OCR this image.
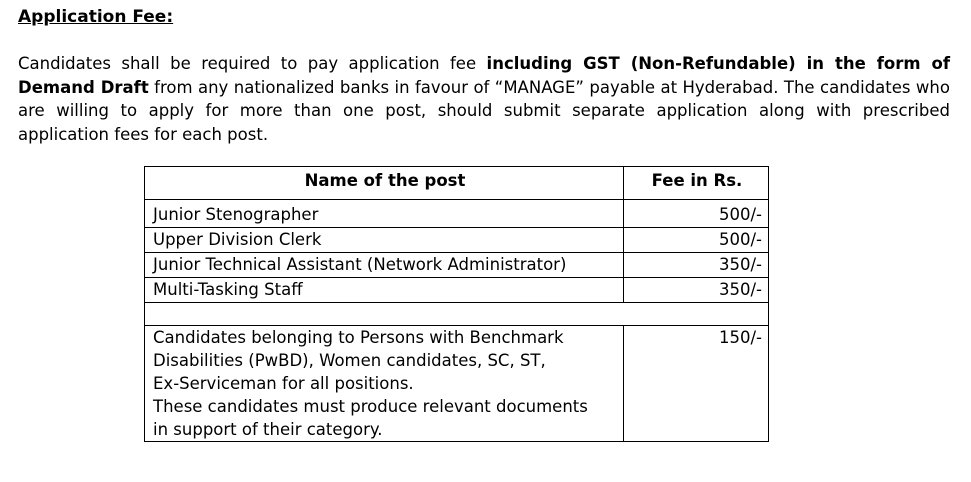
Application Fee:

Candidates shall be required to pay application fee including GST (Non-Refundable) in the form of Demand Draft from any nationalized banks in favour of “MANAGE” payable at Hyderabad. The candidates who are willing to apply for more than one post, should submit separate application along with prescribed application fees for each post.

Name of the post	Fee in Rs.
Junior Stenographer	500/-
Upper Division Clerk	500/-
Junior Technical Assistant (Network Administrator)	350/-
Multi-Tasking Staff	350/-

Candidates belonging to Persons with Benchmark
Disabilities (PwBD), Women candidates, SC, ST,
Ex-Serviceman for all positions.
These candidates must produce relevant documents
in support of their category.	150/-
